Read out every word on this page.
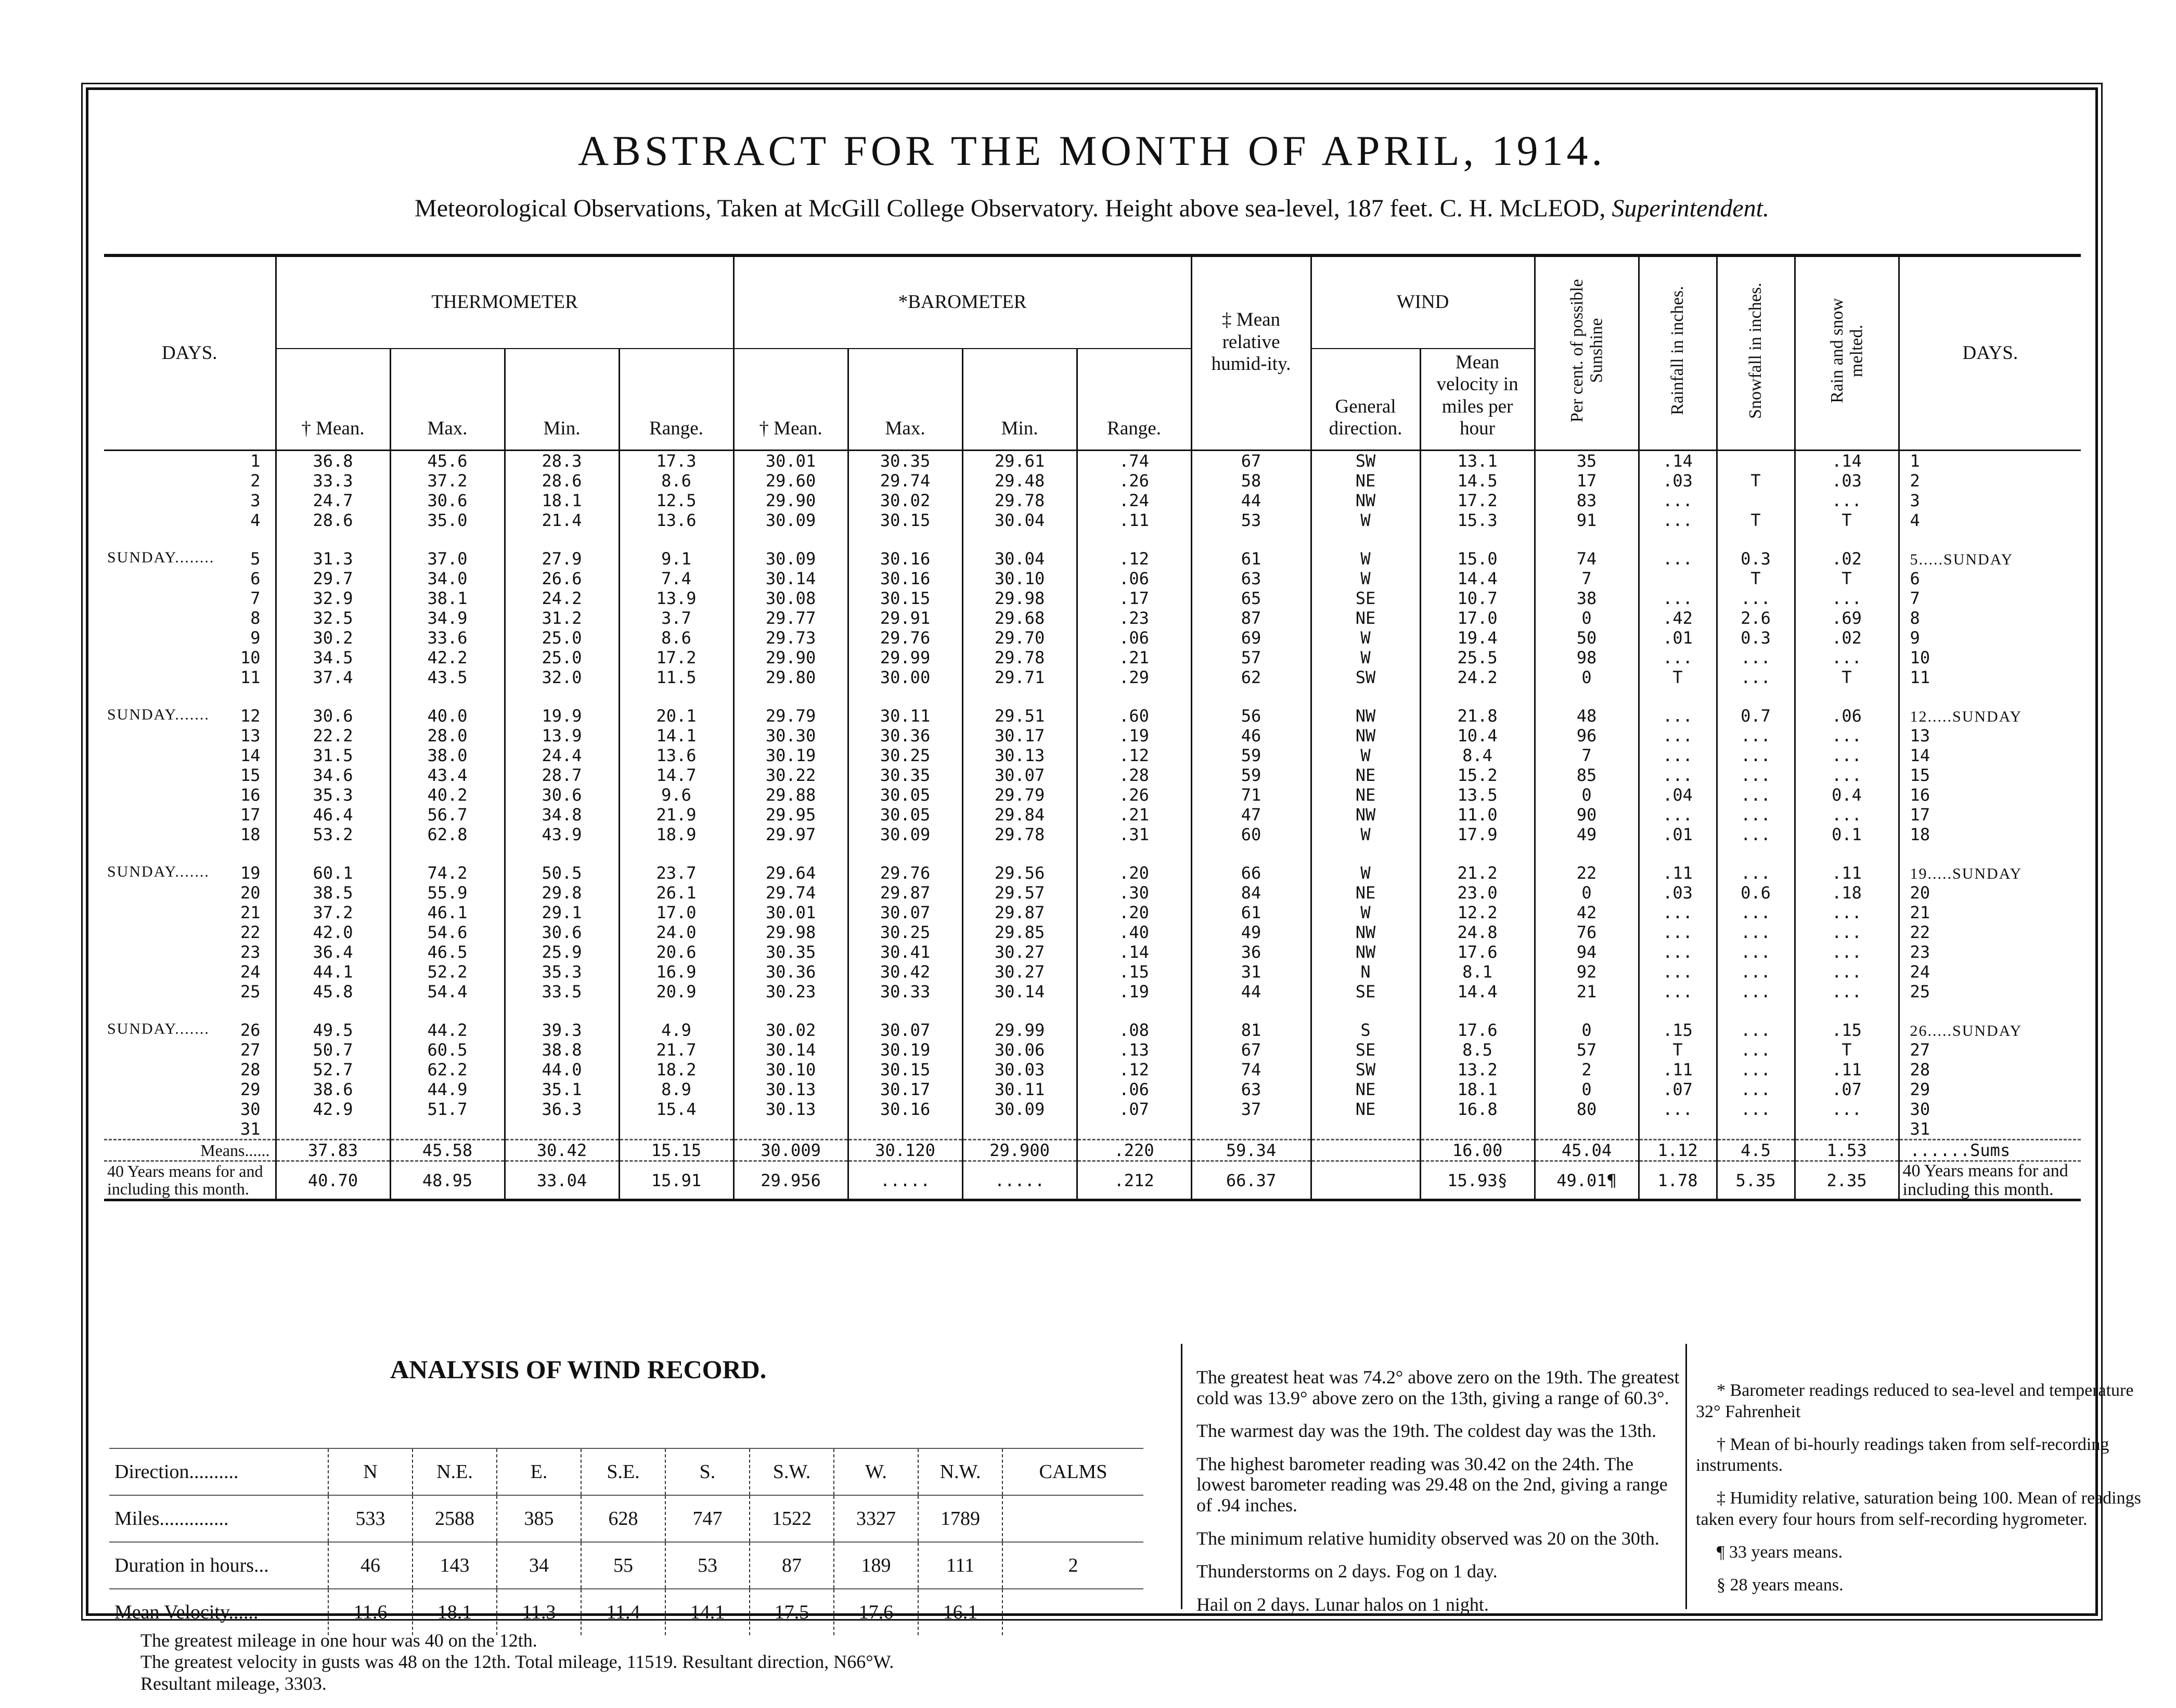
ABSTRACT FOR THE MONTH OF APRIL, 1914.
Meteorological Observations, Taken at McGill College Observatory. Height above sea-level, 187 feet. C. H. McLEOD, Superintendent.
DAYS.	THERMOMETER				*BAROMETER				‡ Mean relative humid-ity.	WIND		Per cent. of possible Sunshine	Rainfall in inches.	Snowfall in inches.	Rain and snow melted.	DAYS.
	† Mean.	Max.	Min.	Range.	† Mean.	Max.	Min.	Range.		General direction.	Mean velocity in miles per hour					
1	36.8	45.6	28.3	17.3	30.01	30.35	29.61	.74	67	SW	13.1	35	.14		.14	1
2	33.3	37.2	28.6	8.6	29.60	29.74	29.48	.26	58	NE	14.5	17	.03	T	.03	2
3	24.7	30.6	18.1	12.5	29.90	30.02	29.78	.24	44	NW	17.2	83	...		...	3
4	28.6	35.0	21.4	13.6	30.09	30.15	30.04	.11	53	W	15.3	91	...	T	T	4

SUNDAY........ 5	31.3	37.0	27.9	9.1	30.09	30.16	30.04	.12	61	W	15.0	74	...	0.3	.02	5.....SUNDAY
6	29.7	34.0	26.6	7.4	30.14	30.16	30.10	.06	63	W	14.4	7		T	T	6
7	32.9	38.1	24.2	13.9	30.08	30.15	29.98	.17	65	SE	10.7	38	...	...	...	7
8	32.5	34.9	31.2	3.7	29.77	29.91	29.68	.23	87	NE	17.0	0	.42	2.6	.69	8
9	30.2	33.6	25.0	8.6	29.73	29.76	29.70	.06	69	W	19.4	50	.01	0.3	.02	9
10	34.5	42.2	25.0	17.2	29.90	29.99	29.78	.21	57	W	25.5	98	...	...	...	10
11	37.4	43.5	32.0	11.5	29.80	30.00	29.71	.29	62	SW	24.2	0	T	...	T	11

SUNDAY....... 12	30.6	40.0	19.9	20.1	29.79	30.11	29.51	.60	56	NW	21.8	48	...	0.7	.06	12.....SUNDAY
13	22.2	28.0	13.9	14.1	30.30	30.36	30.17	.19	46	NW	10.4	96	...	...	...	13
14	31.5	38.0	24.4	13.6	30.19	30.25	30.13	.12	59	W	8.4	7	...	...	...	14
15	34.6	43.4	28.7	14.7	30.22	30.35	30.07	.28	59	NE	15.2	85	...	...	...	15
16	35.3	40.2	30.6	9.6	29.88	30.05	29.79	.26	71	NE	13.5	0	.04	...	0.4	16
17	46.4	56.7	34.8	21.9	29.95	30.05	29.84	.21	47	NW	11.0	90	...	...	...	17
18	53.2	62.8	43.9	18.9	29.97	30.09	29.78	.31	60	W	17.9	49	.01	...	0.1	18

SUNDAY....... 19	60.1	74.2	50.5	23.7	29.64	29.76	29.56	.20	66	W	21.2	22	.11	...	.11	19.....SUNDAY
20	38.5	55.9	29.8	26.1	29.74	29.87	29.57	.30	84	NE	23.0	0	.03	0.6	.18	20
21	37.2	46.1	29.1	17.0	30.01	30.07	29.87	.20	61	W	12.2	42	...	...	...	21
22	42.0	54.6	30.6	24.0	29.98	30.25	29.85	.40	49	NW	24.8	76	...	...	...	22
23	36.4	46.5	25.9	20.6	30.35	30.41	30.27	.14	36	NW	17.6	94	...	...	...	23
24	44.1	52.2	35.3	16.9	30.36	30.42	30.27	.15	31	N	8.1	92	...	...	...	24
25	45.8	54.4	33.5	20.9	30.23	30.33	30.14	.19	44	SE	14.4	21	...	...	...	25

SUNDAY....... 26	49.5	44.2	39.3	4.9	30.02	30.07	29.99	.08	81	S	17.6	0	.15	...	.15	26.....SUNDAY
27	50.7	60.5	38.8	21.7	30.14	30.19	30.06	.13	67	SE	8.5	57	T	...	T	27
28	52.7	62.2	44.0	18.2	30.10	30.15	30.03	.12	74	SW	13.2	2	.11	...	.11	28
29	38.6	44.9	35.1	8.9	30.13	30.17	30.11	.06	63	NE	18.1	0	.07	...	.07	29
30	42.9	51.7	36.3	15.4	30.13	30.16	30.09	.07	37	NE	16.8	80	...	...	...	30
31																31
Means......	37.83	45.58	30.42	15.15	30.009	30.120	29.900	.220	59.34		16.00	45.04	1.12	4.5	1.53	......Sums
40 Years means for and including this month.	40.70	48.95	33.04	15.91	29.956	.....	.....	.212	66.37		15.93§	49.01¶	1.78	5.35	2.35	40 Years means for and including this month.
ANALYSIS OF WIND RECORD.
Direction..........	N	N.E.	E.	S.E.	S.	S.W.	W.	N.W.	CALMS
Miles..............	533	2588	385	628	747	1522	3327	1789	
Duration in hours...	46	143	34	55	53	87	189	111	2
Mean Velocity......	11.6	18.1	11.3	11.4	14.1	17.5	17.6	16.1	
The greatest mileage in one hour was 40 on the 12th.
The greatest velocity in gusts was 48 on the 12th. Total mileage, 11519. Resultant direction, N66°W.
Resultant mileage, 3303.

The greatest heat was 74.2° above zero on the 19th. The greatest cold was 13.9° above zero on the 13th, giving a range of 60.3°.

The warmest day was the 19th. The coldest day was the 13th.

The highest barometer reading was 30.42 on the 24th. The lowest barometer reading was 29.48 on the 2nd, giving a range of .94 inches.

The minimum relative humidity observed was 20 on the 30th.

Thunderstorms on 2 days. Fog on 1 day.

Hail on 2 days. Lunar halos on 1 night.

* Barometer readings reduced to sea-level and temperature 32° Fahrenheit

† Mean of bi-hourly readings taken from self-recording instruments.

‡ Humidity relative, saturation being 100. Mean of readings taken every four hours from self-recording hygrometer.

¶ 33 years means.

§ 28 years means.
